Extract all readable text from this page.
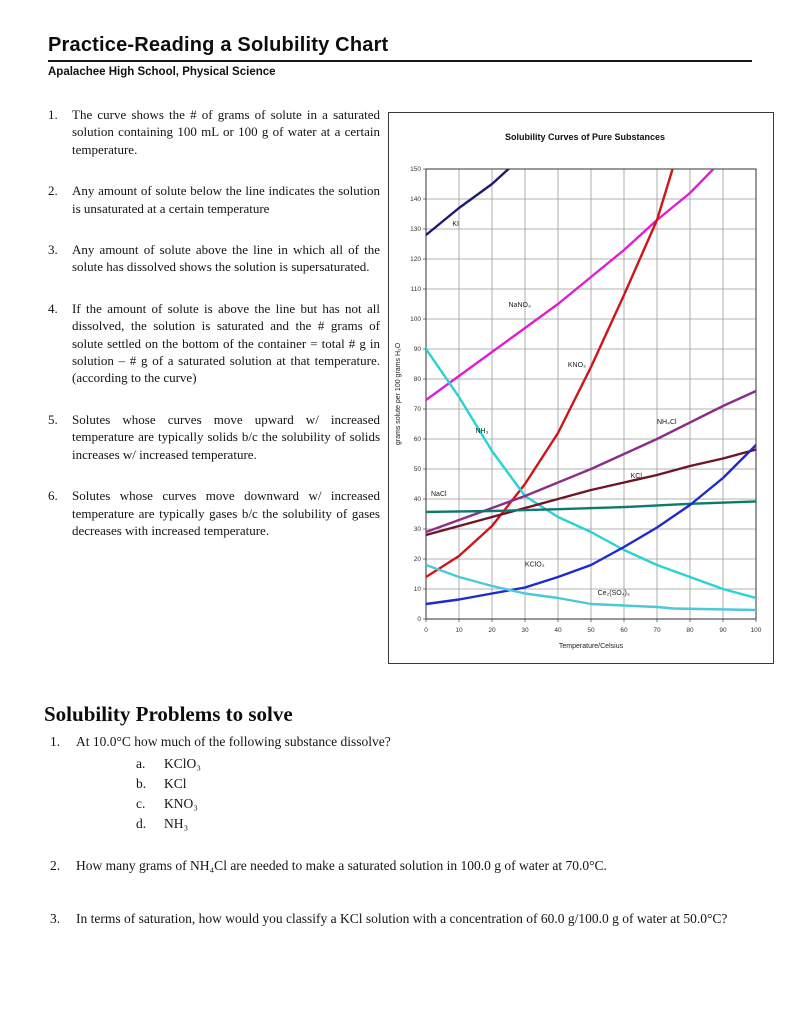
Practice-Reading a Solubility Chart
Apalachee High School, Physical Science
1.	The curve shows the # of grams of solute in a saturated solution containing 100 mL or 100 g of water at a certain temperature.
2.	Any amount of solute below the line indicates the solution is unsaturated at a certain temperature
3.	Any amount of solute above the line in which all of the solute has dissolved shows the solution is supersaturated.
4.	If the amount of solute is above the line but has not all dissolved, the solution is saturated and the # grams of solute settled on the bottom of the container = total # g in solution – # g of a saturated solution at that temperature. (according to the curve)
5.	Solutes whose curves move upward w/ increased temperature are typically solids b/c the solubility of solids increases w/ increased temperature.
6.	Solutes whose curves move downward w/ increased temperature are typically gases b/c the solubility of gases decreases with increased temperature.
Solubility Curves of Pure Substances
0	10	20	30	40	50	60	70	80	90	100
0
10
20
30
40
50
60
70
80
90
100
110
120
130
140
150
KI
NaNO₃
KNO₃
NH₃
NH₄Cl
KCl
NaCl
KClO₃
Ce₂(SO₄)₃
Temperature/Celsius
grams solute per 100 grams H₂O
Solubility Problems to solve
1.	At 10.0°C how much of the following substance dissolve?
a.	KClO₃
b.	KCl
c.	KNO₃
d.	NH₃
2.	How many grams of NH₄Cl are needed to make a saturated solution in 100.0 g of water at 70.0°C.
3.	In terms of saturation, how would you classify a KCl solution with a concentration of 60.0 g/100.0 g of water at 50.0°C?
